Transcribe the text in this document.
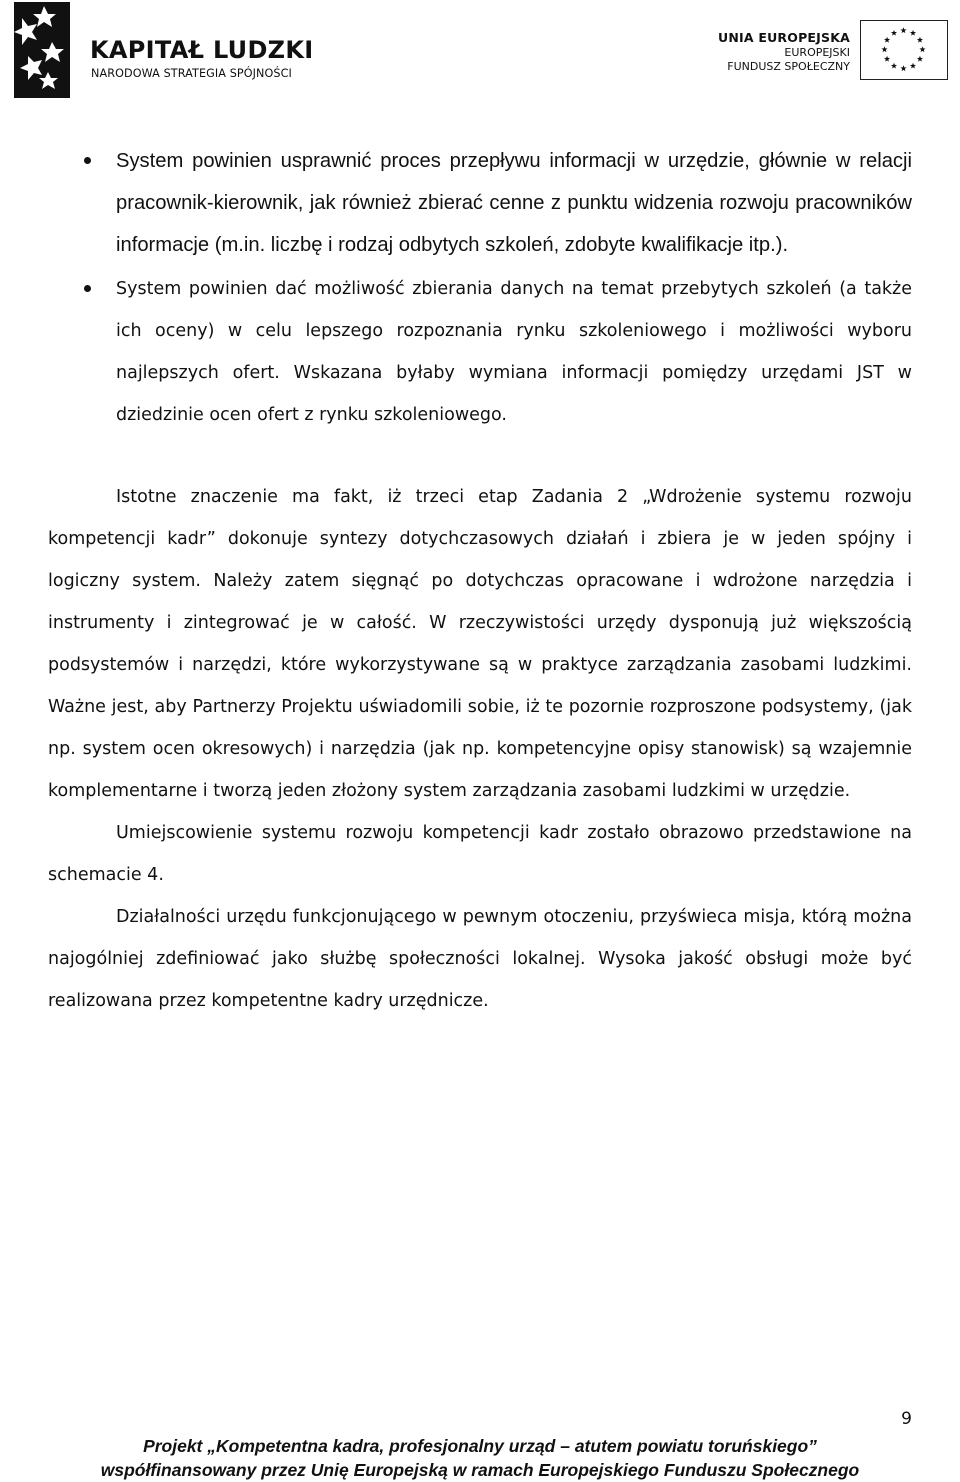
KAPITAŁ LUDZKI
NARODOWA STRATEGIA SPÓJNOŚCI
UNIA EUROPEJSKA
EUROPEJSKI
FUNDUSZ SPOŁECZNY
System powinien usprawnić proces przepływu informacji w urzędzie, głównie w relacji pracownik-kierownik, jak również zbierać cenne z punktu widzenia rozwoju pracowników informacje (m.in. liczbę i rodzaj odbytych szkoleń, zdobyte kwalifikacje itp.).
System powinien dać możliwość zbierania danych na temat przebytych szkoleń (a także ich oceny) w celu lepszego rozpoznania rynku szkoleniowego i możliwości wyboru najlepszych ofert. Wskazana byłaby wymiana informacji pomiędzy urzędami JST w dziedzinie ocen ofert z rynku szkoleniowego.

Istotne znaczenie ma fakt, iż trzeci etap Zadania 2 „Wdrożenie systemu rozwoju kompetencji kadr” dokonuje syntezy dotychczasowych działań i zbiera je w jeden spójny i logiczny system. Należy zatem sięgnąć po dotychczas opracowane i wdrożone narzędzia i instrumenty i zintegrować je w całość. W rzeczywistości urzędy dysponują już większością podsystemów i narzędzi, które wykorzystywane są w praktyce zarządzania zasobami ludzkimi. Ważne jest, aby Partnerzy Projektu uświadomili sobie, iż te pozornie rozproszone podsystemy, (jak np. system ocen okresowych) i narzędzia (jak np. kompetencyjne opisy stanowisk) są wzajemnie komplementarne i tworzą jeden złożony system zarządzania zasobami ludzkimi w urzędzie.

Umiejscowienie systemu rozwoju kompetencji kadr zostało obrazowo przedstawione na schemacie 4.

Działalności urzędu funkcjonującego w pewnym otoczeniu, przyświeca misja, którą można najogólniej zdefiniować jako służbę społeczności lokalnej. Wysoka jakość obsługi może być realizowana przez kompetentne kadry urzędnicze.

9
Projekt „Kompetentna kadra, profesjonalny urząd – atutem powiatu toruńskiego”
współfinansowany przez Unię Europejską w ramach Europejskiego Funduszu Społecznego
